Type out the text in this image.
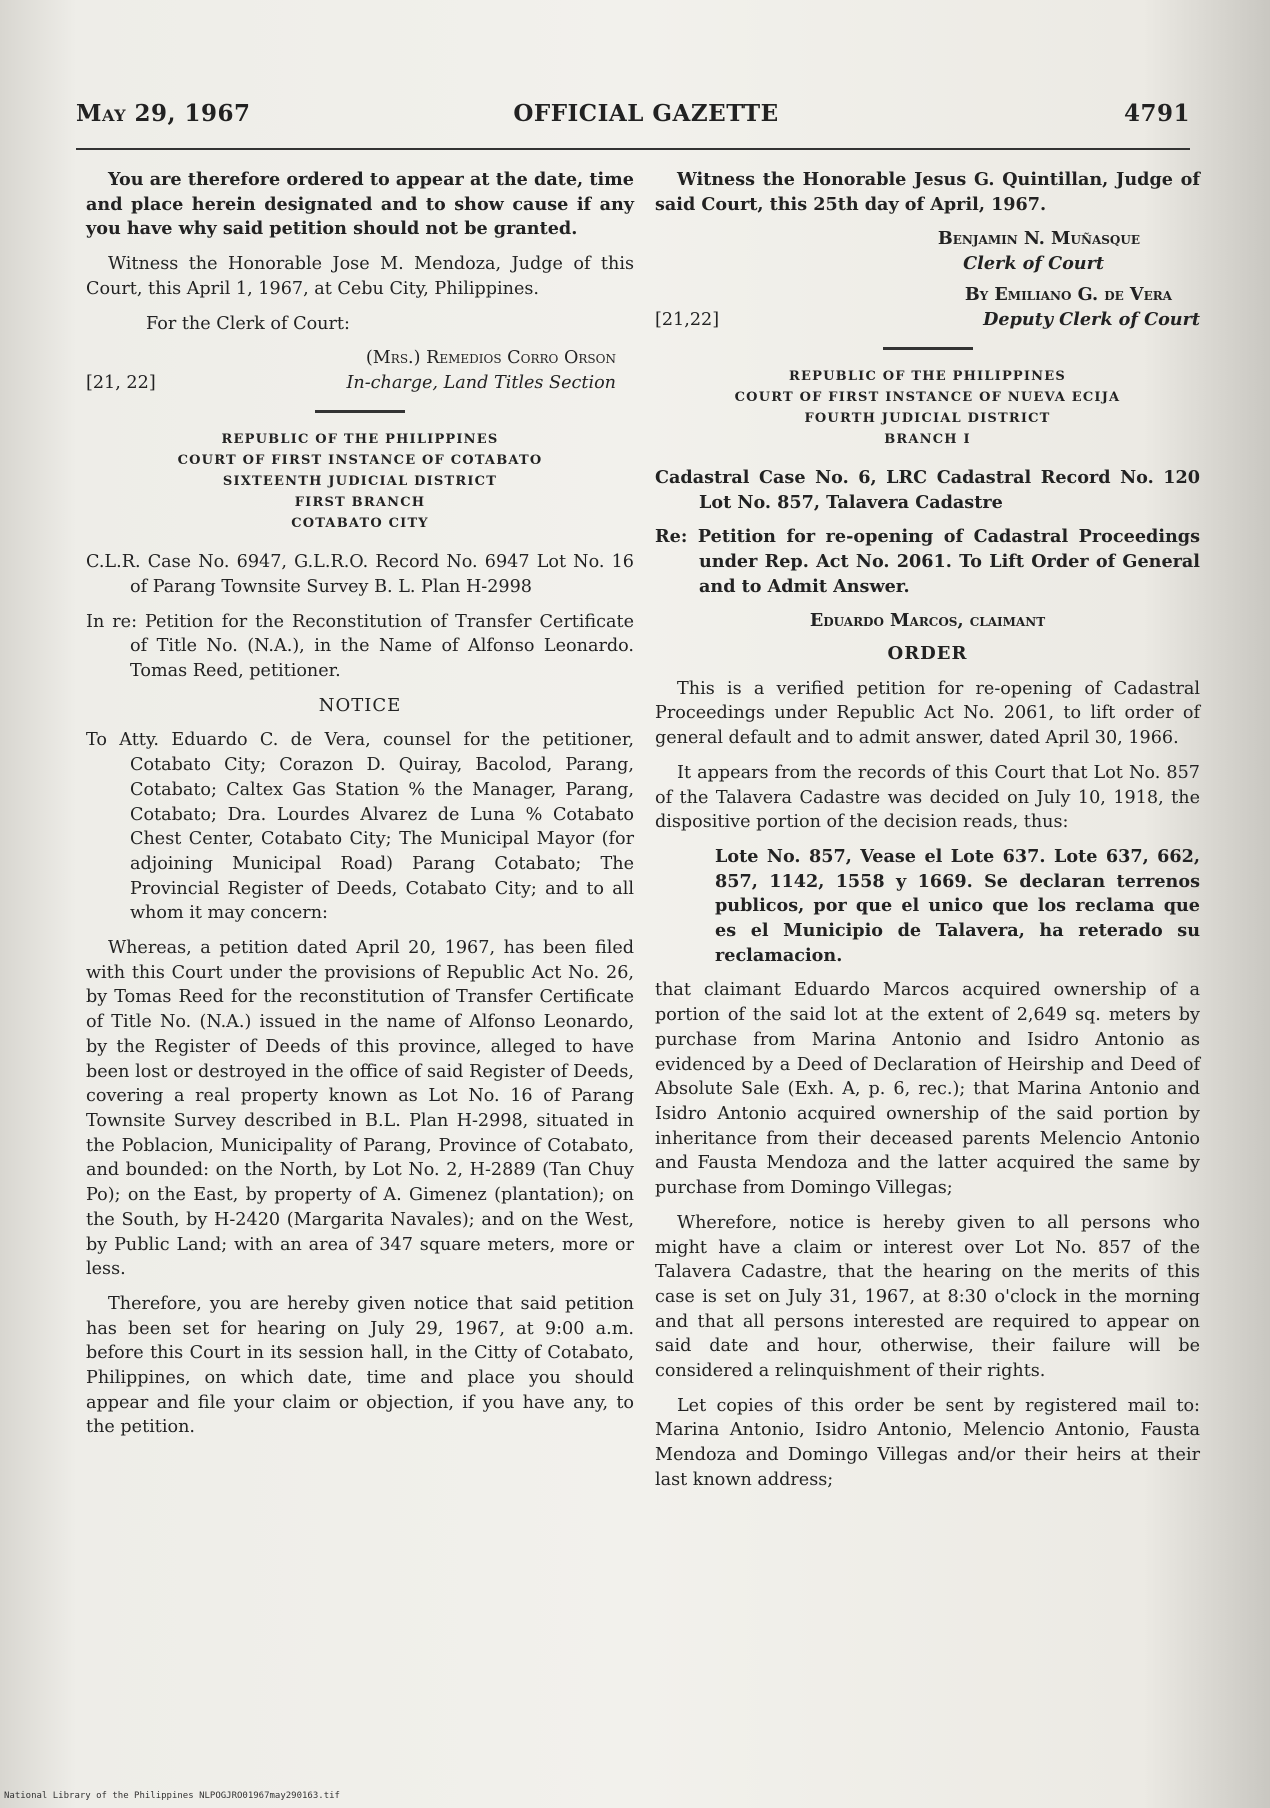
May 29, 1967	OFFICIAL GAZETTE	4791

You are therefore ordered to appear at the date, time and place herein designated and to show cause if any you have why said petition should not be granted.

Witness the Honorable Jose M. Mendoza, Judge of this Court, this April 1, 1967, at Cebu City, Philippines.

For the Clerk of Court:

(Mrs.) Remedios Corro Orson
[21, 22]	In-charge, Land Titles Section

REPUBLIC OF THE PHILIPPINES

COURT OF FIRST INSTANCE OF COTABATO

SIXTEENTH JUDICIAL DISTRICT

FIRST BRANCH

COTABATO CITY

C.L.R. Case No. 6947, G.L.R.O. Record No. 6947 Lot No. 16 of Parang Townsite Survey B. L. Plan H-2998

In re: Petition for the Reconstitution of Transfer Certificate of Title No. (N.A.), in the Name of Alfonso Leonardo. Tomas Reed, petitioner.

NOTICE

To Atty. Eduardo C. de Vera, counsel for the petitioner, Cotabato City; Corazon D. Quiray, Bacolod, Parang, Cotabato; Caltex Gas Station % the Manager, Parang, Cotabato; Dra. Lourdes Alvarez de Luna % Cotabato Chest Center, Cotabato City; The Municipal Mayor (for adjoining Municipal Road) Parang Cotabato; The Provincial Register of Deeds, Cotabato City; and to all whom it may concern:

Whereas, a petition dated April 20, 1967, has been filed with this Court under the provisions of Republic Act No. 26, by Tomas Reed for the reconstitution of Transfer Certificate of Title No. (N.A.) issued in the name of Alfonso Leonardo, by the Register of Deeds of this province, alleged to have been lost or destroyed in the office of said Register of Deeds, covering a real property known as Lot No. 16 of Parang Townsite Survey described in B.L. Plan H-2998, situated in the Poblacion, Municipality of Parang, Province of Cotabato, and bounded: on the North, by Lot No. 2, H-2889 (Tan Chuy Po); on the East, by property of A. Gimenez (plantation); on the South, by H-2420 (Margarita Navales); and on the West, by Public Land; with an area of 347 square meters, more or less.

Therefore, you are hereby given notice that said petition has been set for hearing on July 29, 1967, at 9:00 a.m. before this Court in its session hall, in the Citty of Cotabato, Philippines, on which date, time and place you should appear and file your claim or objection, if you have any, to the petition.

Witness the Honorable Jesus G. Quintillan, Judge of said Court, this 25th day of April, 1967.

Benjamin N. Muñasque
Clerk of Court
By Emiliano G. de Vera
[21,22]	Deputy Clerk of Court

REPUBLIC OF THE PHILIPPINES

COURT OF FIRST INSTANCE OF NUEVA ECIJA

FOURTH JUDICIAL DISTRICT

BRANCH I

Cadastral Case No. 6, LRC Cadastral Record No. 120 Lot No. 857, Talavera Cadastre

Re: Petition for re-opening of Cadastral Proceedings under Rep. Act No. 2061. To Lift Order of General and to Admit Answer.

Eduardo Marcos, claimant
ORDER

This is a verified petition for re-opening of Cadastral Proceedings under Republic Act No. 2061, to lift order of general default and to admit answer, dated April 30, 1966.

It appears from the records of this Court that Lot No. 857 of the Talavera Cadastre was decided on July 10, 1918, the dispositive portion of the decision reads, thus:

Lote No. 857, Vease el Lote 637. Lote 637, 662, 857, 1142, 1558 y 1669. Se declaran terrenos publicos, por que el unico que los reclama que es el Municipio de Talavera, ha reterado su reclamacion.

that claimant Eduardo Marcos acquired ownership of a portion of the said lot at the extent of 2,649 sq. meters by purchase from Marina Antonio and Isidro Antonio as evidenced by a Deed of Declaration of Heirship and Deed of Absolute Sale (Exh. A, p. 6, rec.); that Marina Antonio and Isidro Antonio acquired ownership of the said portion by inheritance from their deceased parents Melencio Antonio and Fausta Mendoza and the latter acquired the same by purchase from Domingo Villegas;

Wherefore, notice is hereby given to all persons who might have a claim or interest over Lot No. 857 of the Talavera Cadastre, that the hearing on the merits of this case is set on July 31, 1967, at 8:30 o'clock in the morning and that all persons interested are required to appear on said date and hour, otherwise, their failure will be considered a relinquishment of their rights.

Let copies of this order be sent by registered mail to: Marina Antonio, Isidro Antonio, Melencio Antonio, Fausta Mendoza and Domingo Villegas and/or their heirs at their last known address;

National Library of the Philippines NLPOGJRO01967may290163.tif
